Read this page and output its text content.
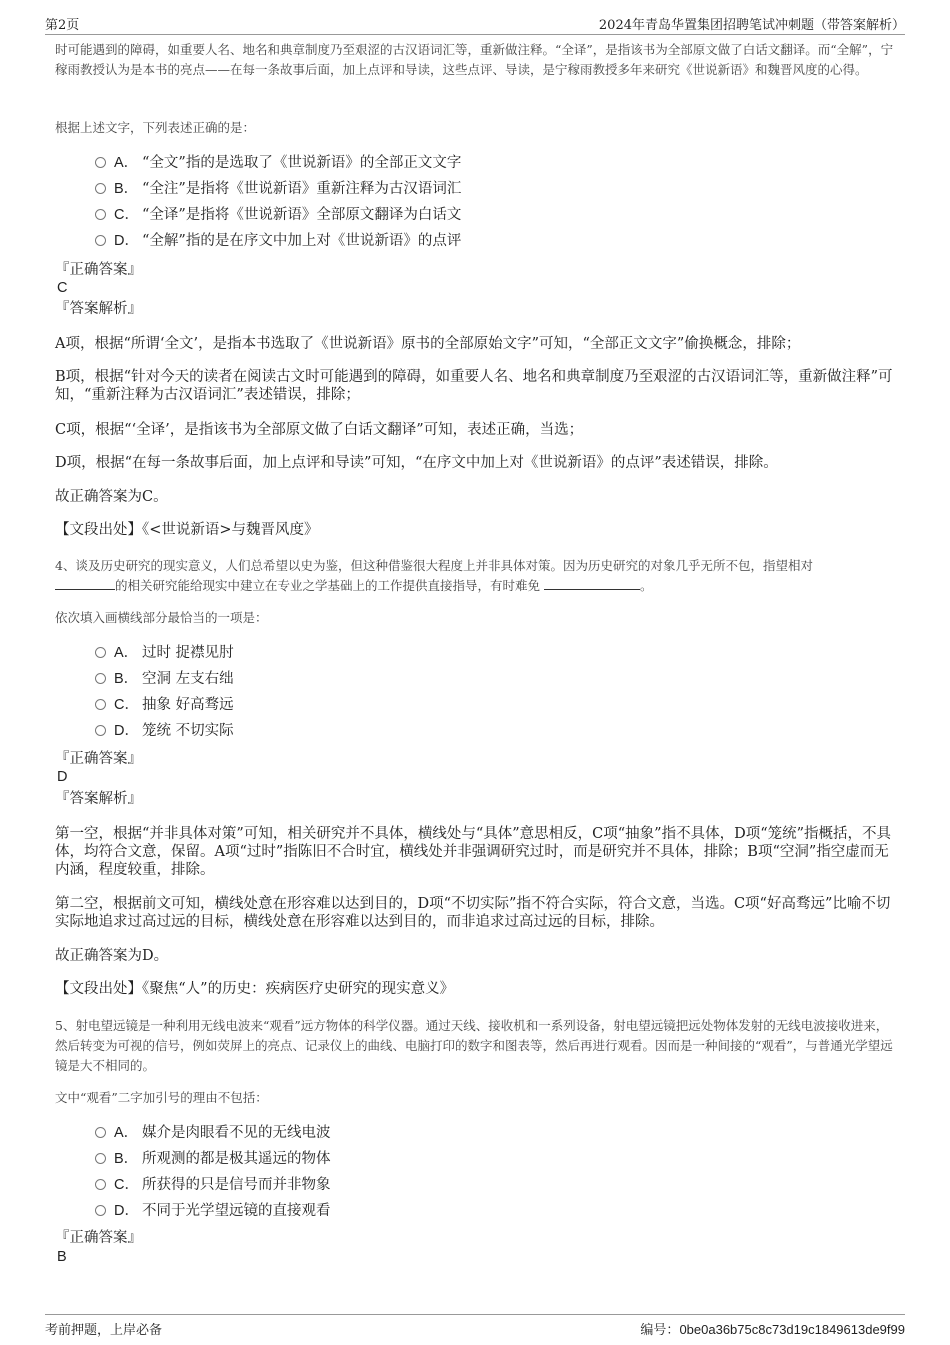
第2页	2024年青岛华置集团招聘笔试冲刺题（带答案解析）
时可能遇到的障碍，如重要人名、地名和典章制度乃至艰涩的古汉语词汇等，重新做注释。“全译”，是指该书为全部原文做了白话文翻译。而“全解”，宁稼雨教授认为是本书的亮点——在每一条故事后面，加上点评和导读，这些点评、导读，是宁稼雨教授多年来研究《世说新语》和魏晋风度的心得。
根据上述文字，下列表述正确的是：
A． “全文”指的是选取了《世说新语》的全部正文文字
B． “全注”是指将《世说新语》重新注释为古汉语词汇
C． “全译”是指将《世说新语》全部原文翻译为白话文
D． “全解”指的是在序文中加上对《世说新语》的点评
『正确答案』
C
『答案解析』
A项，根据“所谓‘全文’，是指本书选取了《世说新语》原书的全部原始文字”可知，“全部正文文字”偷换概念，排除；
B项，根据“针对今天的读者在阅读古文时可能遇到的障碍，如重要人名、地名和典章制度乃至艰涩的古汉语词汇等，重新做注释”可知，“重新注释为古汉语词汇”表述错误，排除；
C项，根据“‘全译’，是指该书为全部原文做了白话文翻译”可知，表述正确，当选；
D项，根据“在每一条故事后面，加上点评和导读”可知，“在序文中加上对《世说新语》的点评”表述错误，排除。
故正确答案为C。
【文段出处】《<世说新语>与魏晋风度》
4、谈及历史研究的现实意义，人们总希望以史为鉴，但这种借鉴很大程度上并非具体对策。因为历史研究的对象几乎无所不包，指望相对
的相关研究能给现实中建立在专业之学基础上的工作提供直接指导，有时难免	。
依次填入画横线部分最恰当的一项是：
A． 过时 捉襟见肘
B． 空洞 左支右绌
C． 抽象 好高骛远
D． 笼统 不切实际
『正确答案』
D
『答案解析』
第一空，根据“并非具体对策”可知，相关研究并不具体，横线处与“具体”意思相反，C项“抽象”指不具体，D项“笼统”指概括，不具体，均符合文意，保留。A项“过时”指陈旧不合时宜，横线处并非强调研究过时，而是研究并不具体，排除；B项“空洞”指空虚而无内涵，程度较重，排除。
第二空，根据前文可知，横线处意在形容难以达到目的，D项“不切实际”指不符合实际，符合文意，当选。C项“好高骛远”比喻不切实际地追求过高过远的目标，横线处意在形容难以达到目的，而非追求过高过远的目标，排除。
故正确答案为D。
【文段出处】《聚焦“人”的历史：疾病医疗史研究的现实意义》
5、射电望远镜是一种利用无线电波来“观看”远方物体的科学仪器。通过天线、接收机和一系列设备，射电望远镜把远处物体发射的无线电波接收进来，然后转变为可视的信号，例如荧屏上的亮点、记录仪上的曲线、电脑打印的数字和图表等，然后再进行观看。因而是一种间接的“观看”，与普通光学望远镜是大不相同的。
文中“观看”二字加引号的理由不包括：
A． 媒介是肉眼看不见的无线电波
B． 所观测的都是极其遥远的物体
C． 所获得的只是信号而并非物象
D． 不同于光学望远镜的直接观看
『正确答案』
B
考前押题，上岸必备	编号：0be0a36b75c8c73d19c1849613de9f99
